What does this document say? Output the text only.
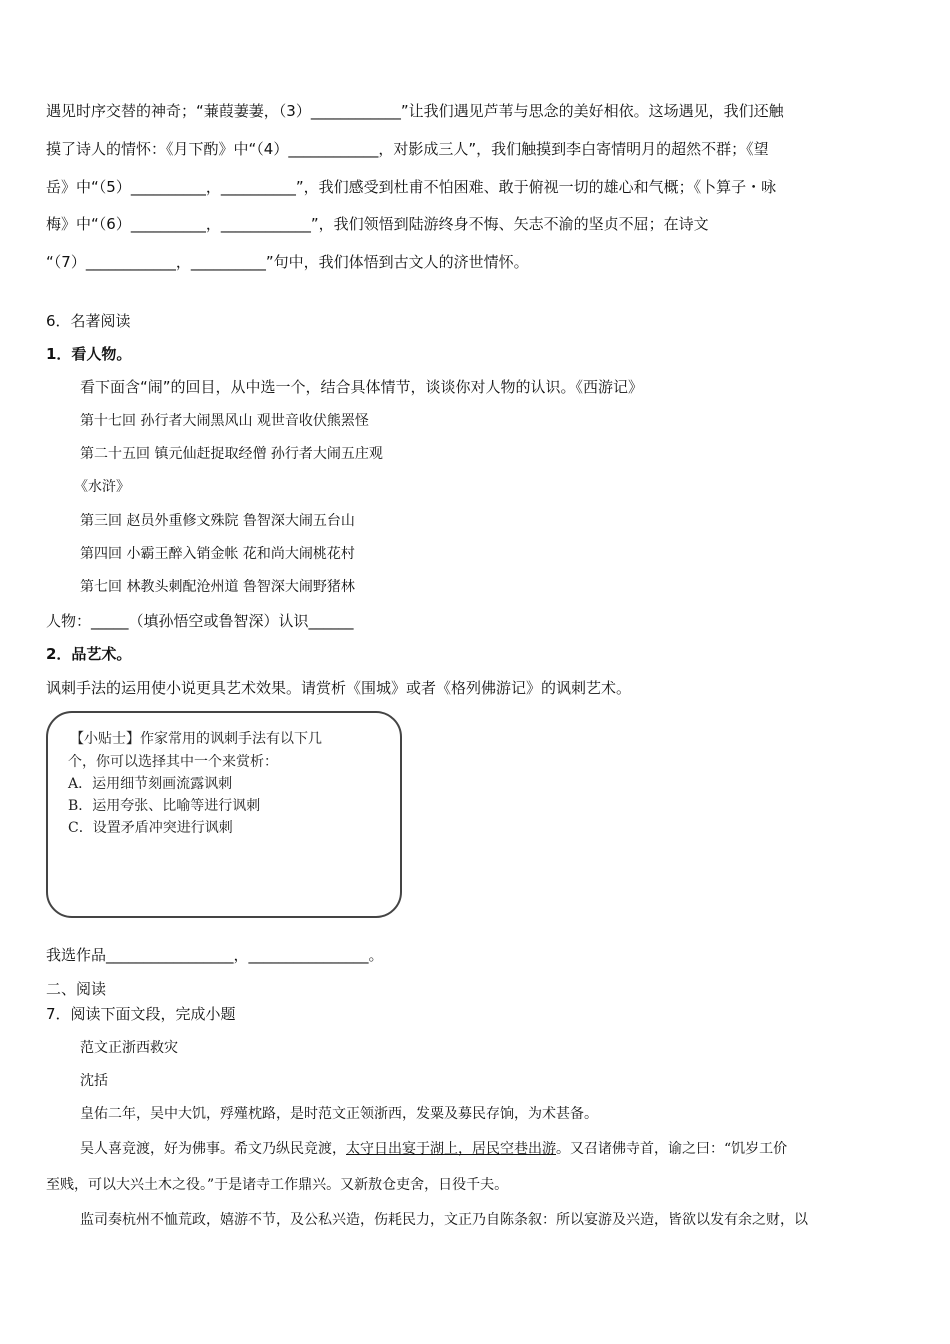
遇见时序交替的神奇；“蒹葭萋萋，（3）____________”让我们遇见芦苇与思念的美好相依。这场遇见，我们还触
摸了诗人的情怀：《月下酌》中“（4）____________，对影成三人”，我们触摸到李白寄情明月的超然不群；《望
岳》中“（5）__________，__________”，我们感受到杜甫不怕困难、敢于俯视一切的雄心和气概；《卜算子・咏
梅》中“（6）__________，____________”，我们领悟到陆游终身不悔、矢志不渝的坚贞不屈；在诗文
“（7）____________，__________”句中，我们体悟到古文人的济世情怀。
6．名著阅读
1．看人物。
看下面含“闹”的回目，从中选一个，结合具体情节，谈谈你对人物的认识。《西游记》
第十七回 孙行者大闹黑风山 观世音收伏熊罴怪
第二十五回 镇元仙赶捉取经僧 孙行者大闹五庄观
《水浒》
第三回 赵员外重修文殊院 鲁智深大闹五台山
第四回 小霸王醉入销金帐 花和尚大闹桃花村
第七回 林教头刺配沧州道 鲁智深大闹野猪林
人物：_____（填孙悟空或鲁智深）认识______
2．品艺术。
讽刺手法的运用使小说更具艺术效果。请赏析《围城》或者《格列佛游记》的讽刺艺术。
【小贴士】作家常用的讽刺手法有以下几
个，你可以选择其中一个来赏析：
A．运用细节刻画流露讽刺
B．运用夸张、比喻等进行讽刺
C．设置矛盾冲突进行讽刺
我选作品_________________，________________。
二、阅读
7．阅读下面文段，完成小题
范文正浙西救灾
沈括
皇佑二年，吴中大饥，殍殣枕路，是时范文正领浙西，发粟及募民存饷，为术甚备。
吴人喜竞渡，好为佛事。希文乃纵民竞渡，太守日出宴于湖上，居民空巷出游。又召诸佛寺首，谕之曰：“饥岁工价
至贱，可以大兴土木之役。”于是诸寺工作鼎兴。又新敖仓吏舍，日役千夫。
监司奏杭州不恤荒政，嬉游不节，及公私兴造，伤耗民力，文正乃自陈条叙：所以宴游及兴造，皆欲以发有余之财，以
